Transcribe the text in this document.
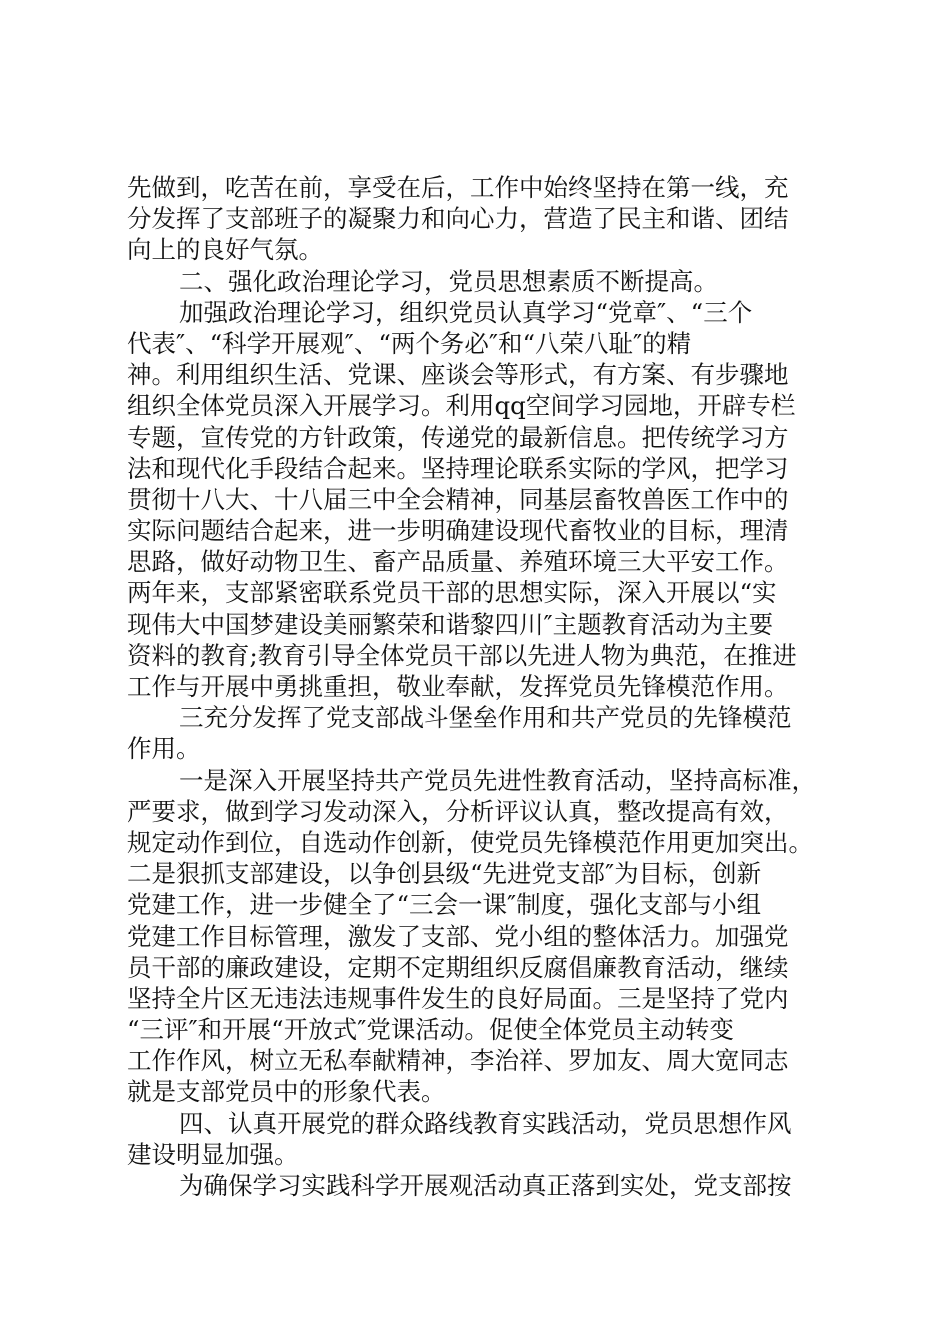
先做到，吃苦在前，享受在后，工作中始终坚持在第一线，充
分发挥了支部班子的凝聚力和向心力，营造了民主和谐、团结
向上的良好气氛。
二、强化政治理论学习，党员思想素质不断提高。
加强政治理论学习，组织党员认真学习“党章″、“三个
代表″、“科学开展观″、“两个务必″和“八荣八耻″的精
神。利用组织生活、党课、座谈会等形式，有方案、有步骤地
组织全体党员深入开展学习。利用qq空间学习园地，开辟专栏
专题，宣传党的方针政策，传递党的最新信息。把传统学习方
法和现代化手段结合起来。坚持理论联系实际的学风，把学习
贯彻十八大、十八届三中全会精神，同基层畜牧兽医工作中的
实际问题结合起来，进一步明确建设现代畜牧业的目标，理清
思路，做好动物卫生、畜产品质量、养殖环境三大平安工作。
两年来，支部紧密联系党员干部的思想实际，深入开展以“实
现伟大中国梦建设美丽繁荣和谐黎四川″主题教育活动为主要
资料的教育;教育引导全体党员干部以先进人物为典范，在推进
工作与开展中勇挑重担，敬业奉献，发挥党员先锋模范作用。
三充分发挥了党支部战斗堡垒作用和共产党员的先锋模范
作用。
一是深入开展坚持共产党员先进性教育活动，坚持高标准，
严要求，做到学习发动深入，分析评议认真，整改提高有效，
规定动作到位，自选动作创新，使党员先锋模范作用更加突出。
二是狠抓支部建设，以争创县级“先进党支部″为目标，创新
党建工作，进一步健全了“三会一课″制度，强化支部与小组
党建工作目标管理，激发了支部、党小组的整体活力。加强党
员干部的廉政建设，定期不定期组织反腐倡廉教育活动，继续
坚持全片区无违法违规事件发生的良好局面。三是坚持了党内
“三评″和开展“开放式″党课活动。促使全体党员主动转变
工作作风，树立无私奉献精神，李治祥、罗加友、周大宽同志
就是支部党员中的形象代表。
四、认真开展党的群众路线教育实践活动，党员思想作风
建设明显加强。
为确保学习实践科学开展观活动真正落到实处，党支部按
